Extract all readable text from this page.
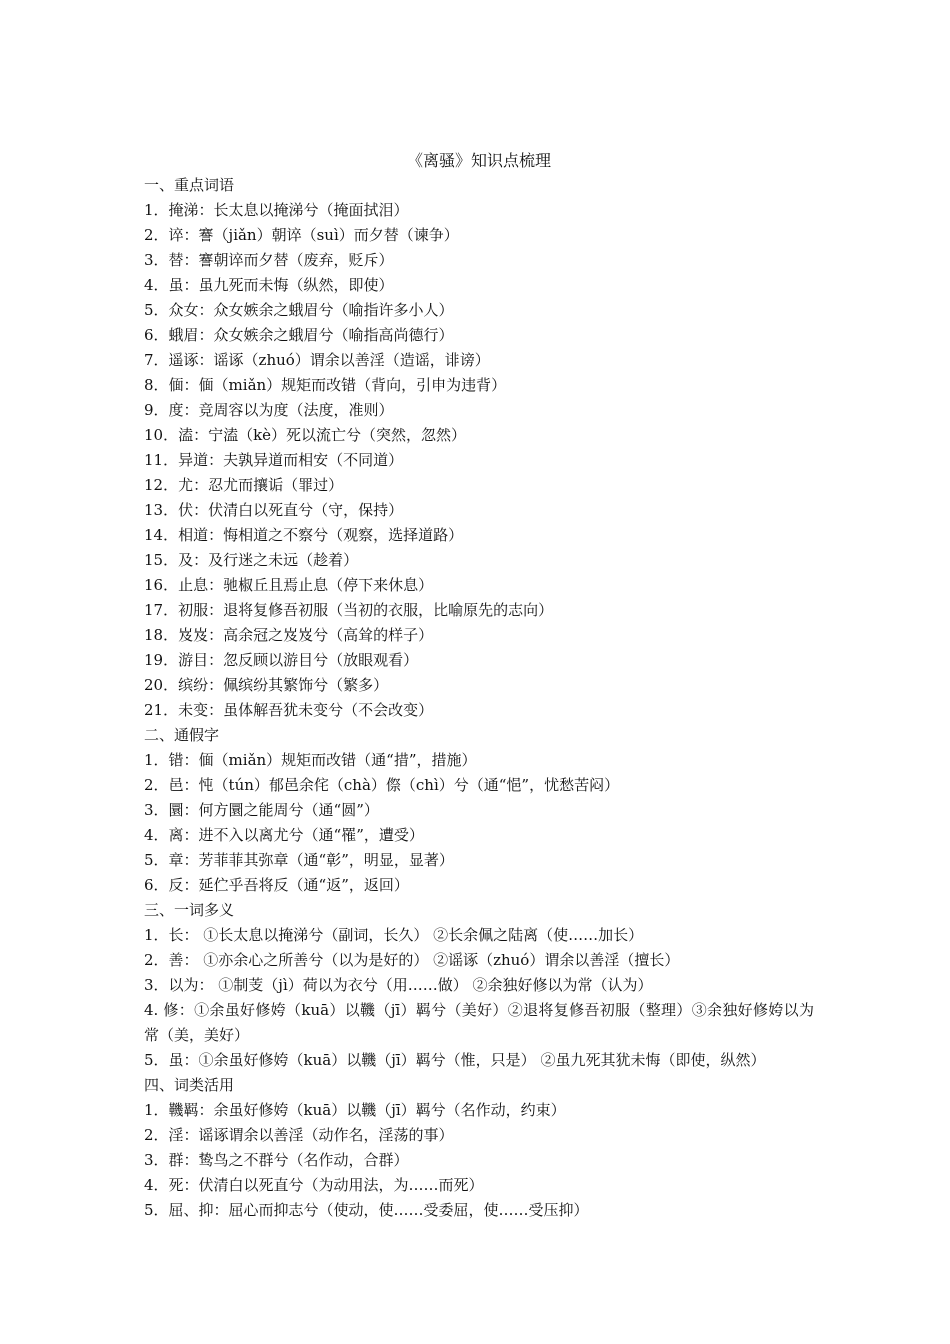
《离骚》知识点梳理

一、重点词语

1．掩涕：长太息以掩涕兮（掩面拭泪）

2．谇：謇（jiǎn）朝谇（suì）而夕替（谏争）

3．替：謇朝谇而夕替（废弃，贬斥）

4．虽：虽九死而未悔（纵然，即使）

5．众女：众女嫉余之蛾眉兮（喻指许多小人）

6．蛾眉：众女嫉余之蛾眉兮（喻指高尚德行）

7．遥诼：谣诼（zhuó）谓余以善淫（造谣，诽谤）

8．偭：偭（miǎn）规矩而改错（背向，引申为违背）

9．度：竞周容以为度（法度，准则）

10．溘：宁溘（kè）死以流亡兮（突然，忽然）

11．异道：夫孰异道而相安（不同道）

12．尤：忍尤而攘诟（罪过）

13．伏：伏清白以死直兮（守，保持）

14．相道：悔相道之不察兮（观察，选择道路）

15．及：及行迷之未远（趁着）

16．止息：驰椒丘且焉止息（停下来休息）

17．初服：退将复修吾初服（当初的衣服，比喻原先的志向）

18．岌岌：高余冠之岌岌兮（高耸的样子）

19．游目：忽反顾以游目兮（放眼观看）

20．缤纷：佩缤纷其繁饰兮（繁多）

21．未变：虽体解吾犹未变兮（不会改变）

二、通假字

1．错：偭（miǎn）规矩而改错（通“措”，措施）

2．邑：忳（tún）郁邑余侘（chà）傺（chì）兮（通“悒”，忧愁苦闷）

3．圜：何方圜之能周兮（通“圆”）

4．离：进不入以离尤兮（通“罹”，遭受）

5．章：芳菲菲其弥章（通“彰”，明显，显著）

6．反：延伫乎吾将反（通“返”，返回）

三、一词多义

1．长： ①长太息以掩涕兮（副词，长久） ②长余佩之陆离（使……加长）

2．善： ①亦余心之所善兮（以为是好的） ②谣诼（zhuó）谓余以善淫（擅长）

3．以为： ①制芰（jì）荷以为衣兮（用……做） ②余独好修以为常（认为）

4. 修：①余虽好修姱（kuā）以鞿（jī）羁兮（美好）②退将复修吾初服（整理）③余独好修姱以为常（美，美好）

5．虽：①余虽好修姱（kuā）以鞿（jī）羁兮（惟，只是） ②虽九死其犹未悔（即使，纵然）

四、词类活用

1．鞿羁：余虽好修姱（kuā）以鞿（jī）羁兮（名作动，约束）

2．淫：谣诼谓余以善淫（动作名，淫荡的事）

3．群：鸷鸟之不群兮（名作动，合群）

4．死：伏清白以死直兮（为动用法，为……而死）

5．屈、抑：屈心而抑志兮（使动，使……受委屈，使……受压抑）
